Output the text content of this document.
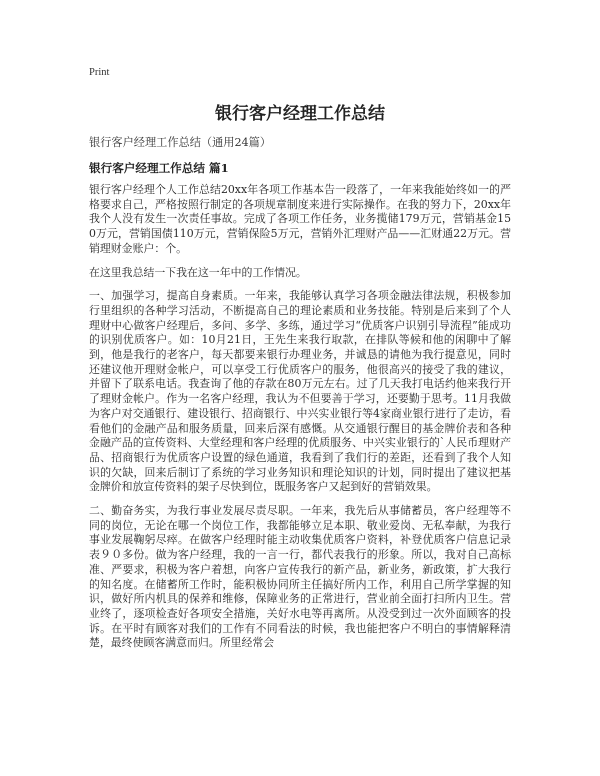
Print
银行客户经理工作总结
银行客户经理工作总结（通用24篇）
银行客户经理工作总结 篇1

银行客户经理个人工作总结20xx年各项工作基本告一段落了，一年来我能始终如一的严格要求自己，严格按照行制定的各项规章制度来进行实际操作。在我的努力下，20xx年我个人没有发生一次责任事故。完成了各项工作任务，业务揽储179万元，营销基金150万元，营销国债110万元，营销保险5万元，营销外汇理财产品——汇财通22万元。营销理财金账户：个。

在这里我总结一下我在这一年中的工作情况。

一、加强学习，提高自身素质。一年来，我能够认真学习各项金融法律法规，积极参加行里组织的各种学习活动，不断提高自己的理论素质和业务技能。特别是后来到了个人理财中心做客户经理后，多问、多学、多练，通过学习“优质客户识别引导流程”能成功的识别优质客户。如：10月21日，王先生来我行取款，在排队等候和他的闲聊中了解到，他是我行的老客户，每天都要来银行办理业务，并诚恳的请他为我行提意见，同时还建议他开理财金帐户，可以享受工行优质客户的服务，他很高兴的接受了我的建议，并留下了联系电话。我查询了他的存款在80万元左右。过了几天我打电话约他来我行开了理财金帐户。作为一名客户经理，我认为不但要善于学习，还要勤于思考。11月我做为客户对交通银行、建设银行、招商银行、中兴实业银行等4家商业银行进行了走访，看看他们的金融产品和服务质量，回来后深有感慨。从交通银行醒目的基金牌价表和各种金融产品的宣传资料、大堂经理和客户经理的优质服务、中兴实业银行的`人民币理财产品、招商银行为优质客户设置的绿色通道，我看到了我们行的差距，还看到了我个人知识的欠缺，回来后制订了系统的学习业务知识和理论知识的计划，同时提出了建议把基金牌价和放宣传资料的架子尽快到位，既服务客户又起到好的营销效果。

二、勤奋务实，为我行事业发展尽责尽职。一年来，我先后从事储蓄员，客户经理等不同的岗位，无论在哪一个岗位工作，我都能够立足本职、敬业爱岗、无私奉献，为我行事业发展鞠躬尽瘁。在做客户经理时能主动收集优质客户资料，补登优质客户信息记录表９０多份。做为客户经理，我的一言一行，都代表我行的形象。所以，我对自己高标准、严要求，积极为客户着想，向客户宣传我行的新产品，新业务，新政策，扩大我行的知名度。在储蓄所工作时，能积极协同所主任搞好所内工作，利用自己所学掌握的知识，做好所内机具的保养和维修，保障业务的正常进行，营业前全面打扫所内卫生。营业终了，逐项检查好各项安全措施，关好水电等再离所。从没受到过一次外面顾客的投诉。在平时有顾客对我们的工作有不同看法的时候，我也能把客户不明白的事情解释清楚，最终使顾客满意而归。所里经常会
